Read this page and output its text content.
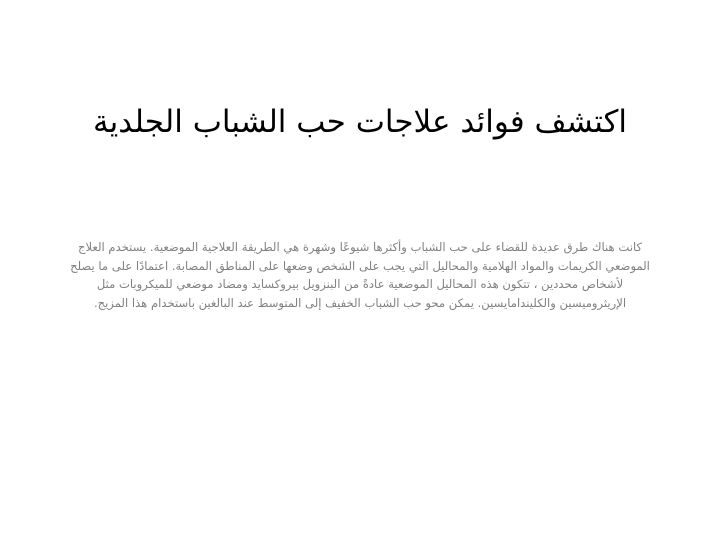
اكتشف فوائد علاجات حب الشباب الجلدية

كانت هناك طرق عديدة للقضاء على حب الشباب وأكثرها شيوعًا وشهرة هي الطريقة العلاجية الموضعية. يستخدم العلاج الموضعي الكريمات والمواد الهلامية والمحاليل التي يجب على الشخص وضعها على المناطق المصابة. اعتمادًا على ما يصلح لأشخاص محددين ، تتكون هذه المحاليل الموضعية عادةً من البنزويل بيروكسايد ومضاد موضعي للميكروبات مثل الإريثروميسين والكليندامايسين. يمكن محو حب الشباب الخفيف إلى المتوسط عند البالغين باستخدام هذا المزيج.
